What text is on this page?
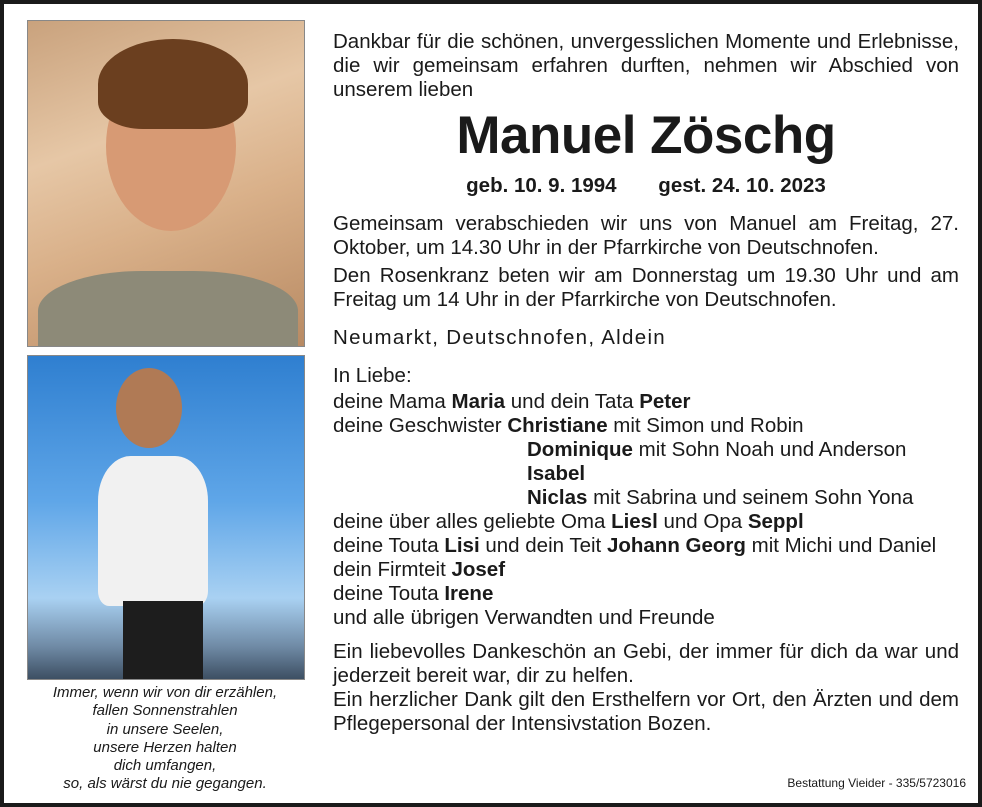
Immer, wenn wir von dir erzählen,
fallen Sonnenstrahlen
in unsere Seelen,
unsere Herzen halten
dich umfangen,
so, als wärst du nie gegangen.
Dankbar für die schönen, unvergesslichen Momente und Erlebnisse, die wir gemeinsam erfahren durften, nehmen wir Abschied von unserem lieben
Manuel Zöschg
geb. 10. 9. 1994 gest. 24. 10. 2023
Gemeinsam verabschieden wir uns von Manuel am Freitag, 27. Oktober, um 14.30 Uhr in der Pfarrkirche von Deutschnofen.
Den Rosenkranz beten wir am Donnerstag um 19.30 Uhr und am Freitag um 14 Uhr in der Pfarrkirche von Deutschnofen.
Neumarkt, Deutschnofen, Aldein
In Liebe:
deine Mama Maria und dein Tata Peter
deine Geschwister Christiane mit Simon und Robin
Dominique mit Sohn Noah und Anderson
Isabel
Niclas mit Sabrina und seinem Sohn Yona
deine über alles geliebte Oma Liesl und Opa Seppl
deine Touta Lisi und dein Teit Johann Georg mit Michi und Daniel
dein Firmteit Josef
deine Touta Irene
und alle übrigen Verwandten und Freunde
Ein liebevolles Dankeschön an Gebi, der immer für dich da war und jederzeit bereit war, dir zu helfen.
Ein herzlicher Dank gilt den Ersthelfern vor Ort, den Ärzten und dem Pflegepersonal der Intensivstation Bozen.
Bestattung Vieider - 335/5723016
